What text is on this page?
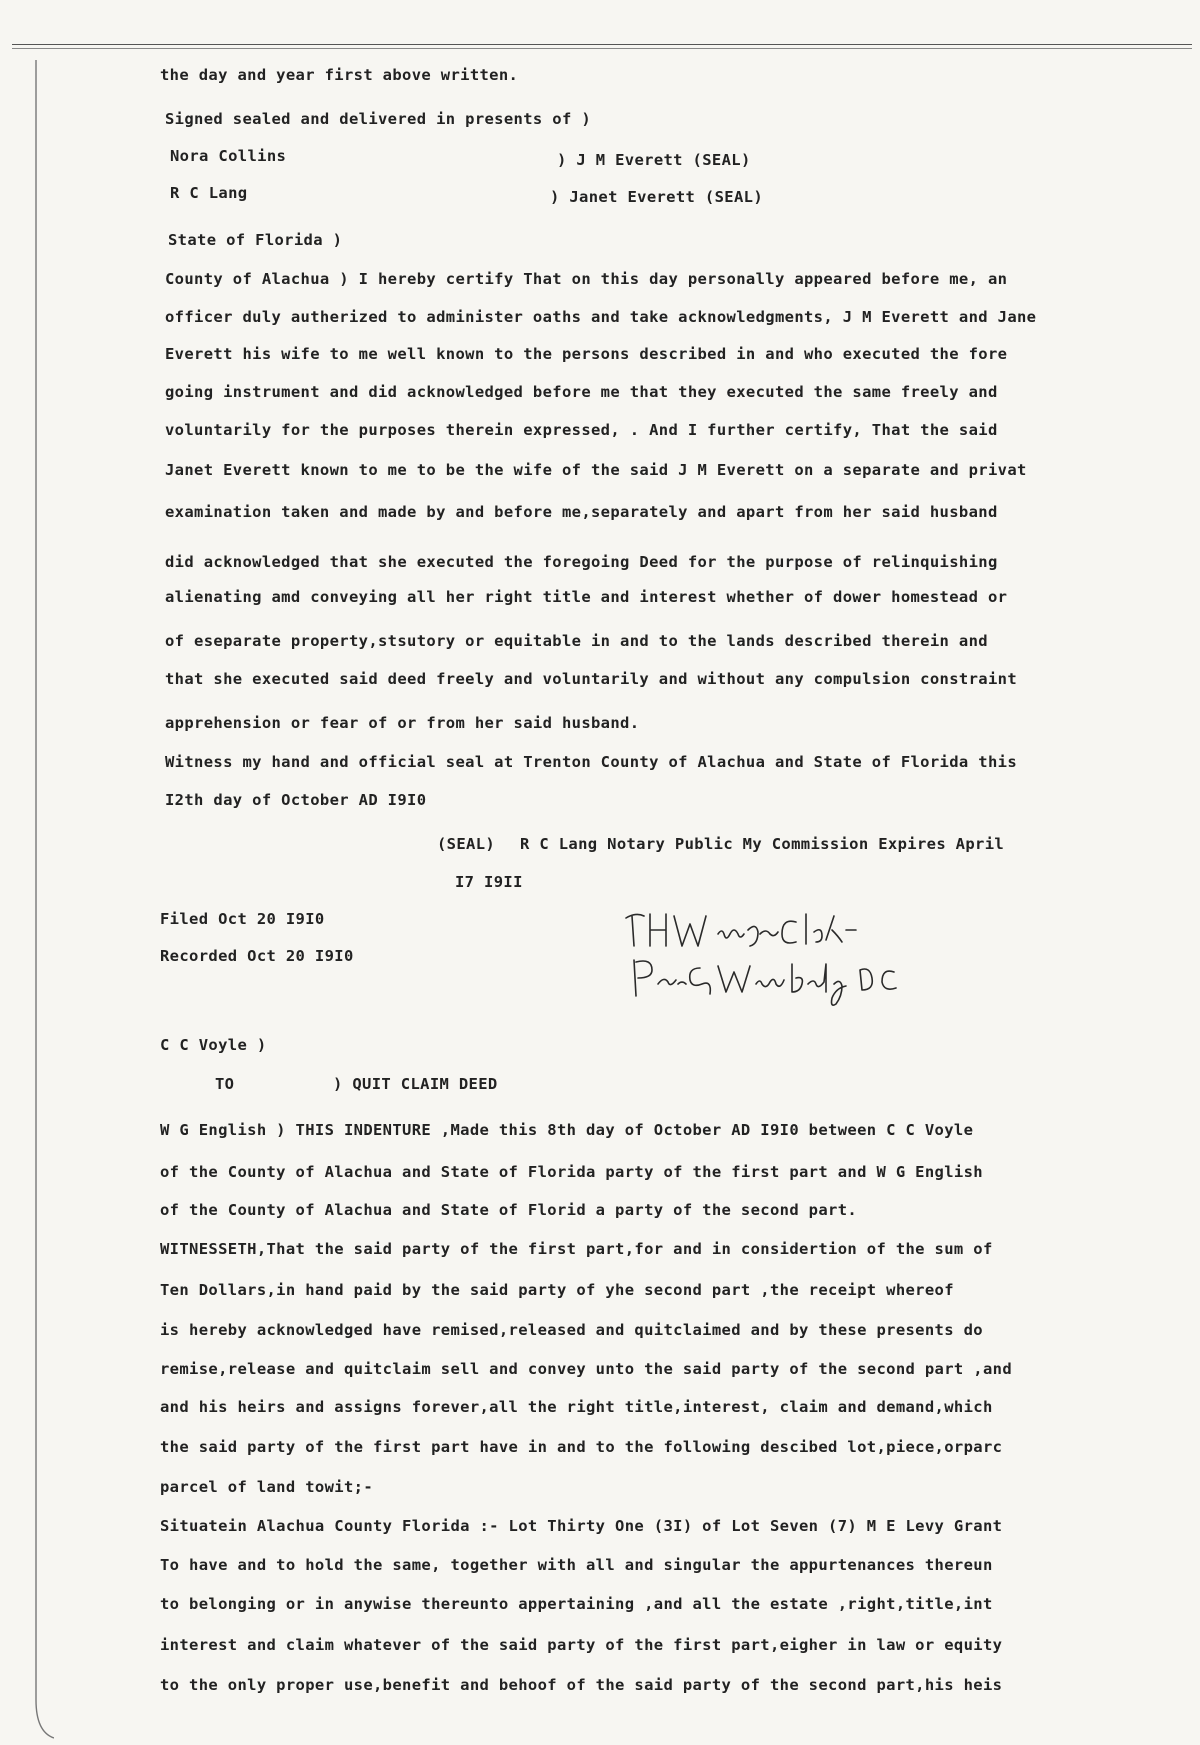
the day and year first above written.
Signed sealed and delivered in presents of )
Nora Collins	) J M Everett (SEAL)
R C Lang	) Janet Everett (SEAL)
State of Florida )
County of Alachua ) I hereby certify That on this day personally appeared before me, an
officer duly autherized to administer oaths and take acknowledgments, J M Everett and Jane
Everett his wife to me well known to the persons described in and who executed the fore
going instrument and did acknowledged before me that they executed the same freely and
voluntarily for the purposes therein expressed, . And I further certify, That the said
Janet Everett known to me to be the wife of the said J M Everett on a separate and privat
examination taken and made by and before me,separately and apart from her said husband
did acknowledged that she executed the foregoing Deed for the purpose of relinquishing
alienating amd conveying all her right title and interest whether of dower homestead or
of eseparate property,stsutory or equitable in and to the lands described therein and
that she executed said deed freely and voluntarily and without any compulsion constraint
apprehension or fear of or from her said husband.
Witness my hand and official seal at Trenton County of Alachua and State of Florida this
I2th day of October AD I9I0
(SEAL) R C Lang Notary Public My Commission Expires April
I7 I9II
Filed Oct 20 I9I0
Recorded Oct 20 I9I0
C C Voyle )
TO	) QUIT CLAIM DEED
W G English ) THIS INDENTURE ,Made this 8th day of October AD I9I0 between C C Voyle
of the County of Alachua and State of Florida party of the first part and W G English
of the County of Alachua and State of Florid a party of the second part.
WITNESSETH,That the said party of the first part,for and in considertion of the sum of
Ten Dollars,in hand paid by the said party of yhe second part ,the receipt whereof
is hereby acknowledged have remised,released and quitclaimed and by these presents do
remise,release and quitclaim sell and convey unto the said party of the second part ,and
and his heirs and assigns forever,all the right title,interest, claim and demand,which
the said party of the first part have in and to the following descibed lot,piece,orparc
parcel of land towit;-
Situatein Alachua County Florida :- Lot Thirty One (3I) of Lot Seven (7) M E Levy Grant
To have and to hold the same, together with all and singular the appurtenances thereun
to belonging or in anywise thereunto appertaining ,and all the estate ,right,title,int
interest and claim whatever of the said party of the first part,eigher in law or equity
to the only proper use,benefit and behoof of the said party of the second part,his heis
